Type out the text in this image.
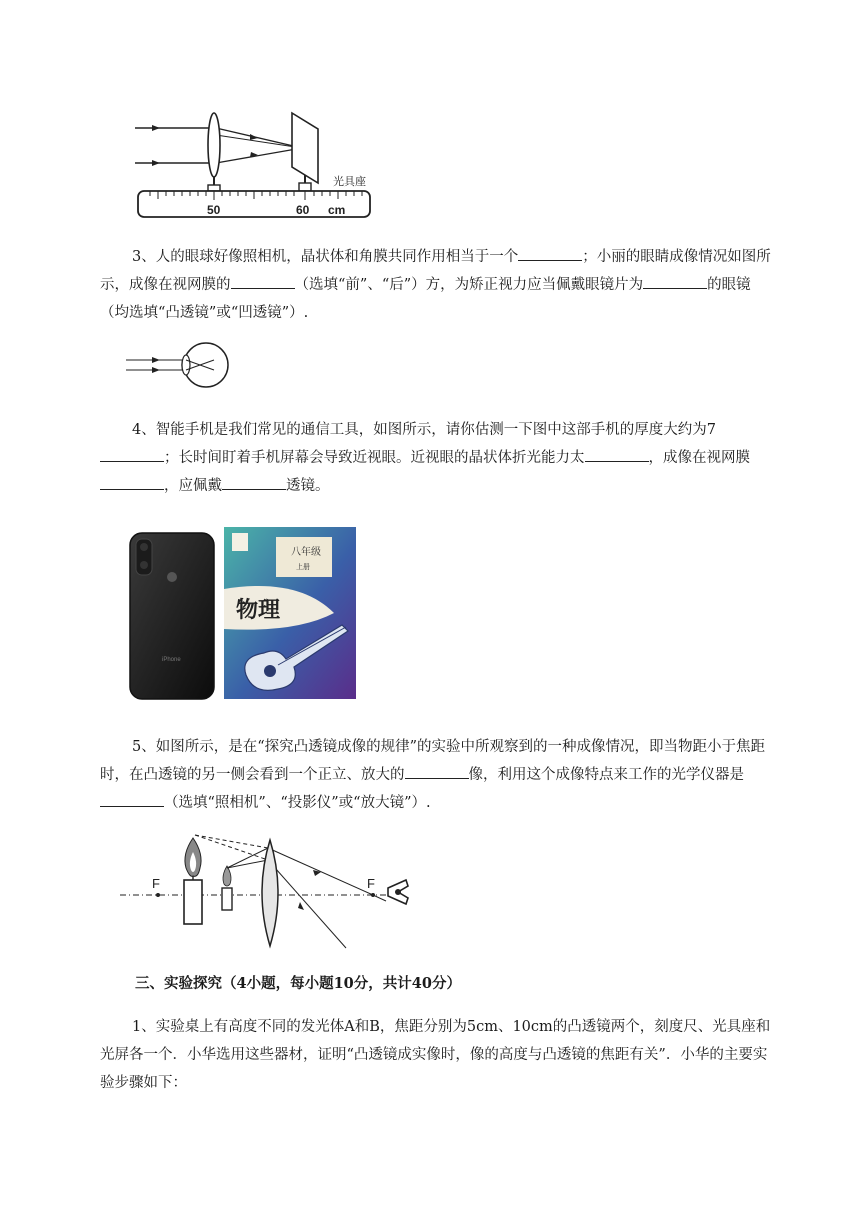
光具座
50	60 cm
3、人的眼球好像照相机，晶状体和角膜共同作用相当于一个	；小丽的眼睛成像情况如图所示，成像在视网膜的	（选填“前”、“后”）方，为矫正视力应当佩戴眼镜片为	的眼镜（均选填“凸透镜”或“凹透镜”）.
4、智能手机是我们常见的通信工具，如图所示，请你估测一下图中这部手机的厚度大约为7；长时间盯着手机屏幕会导致近视眼。近视眼的晶状体折光能力太	，成像在视网膜，应佩戴	透镜。
iPhone
八年级
上册
物理
5、如图所示，是在“探究凸透镜成像的规律”的实验中所观察到的一种成像情况，即当物距小于焦距时，在凸透镜的另一侧会看到一个正立、放大的	像，利用这个成像特点来工作的光学仪器是（选填“照相机”、“投影仪”或“放大镜”）.
F	F
三、实验探究（4小题，每小题10分，共计40分）
1、实验桌上有高度不同的发光体A和B，焦距分别为5cm、10cm的凸透镜两个，刻度尺、光具座和光屏各一个．小华选用这些器材，证明“凸透镜成实像时，像的高度与凸透镜的焦距有关”．小华的主要实验步骤如下：
